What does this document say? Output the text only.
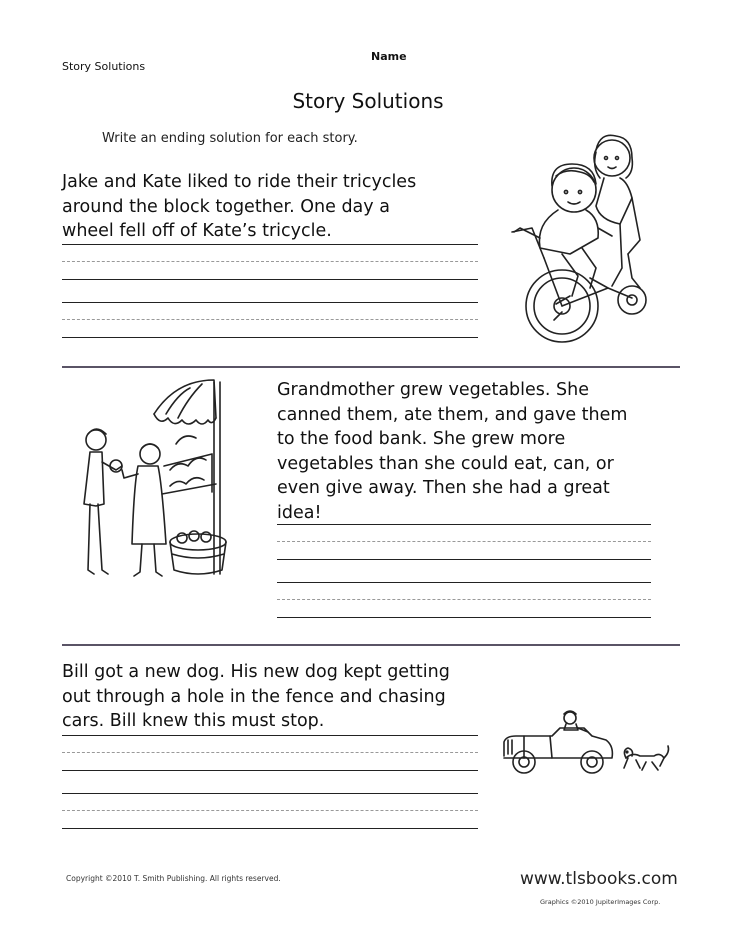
Story Solutions
Name
Story Solutions
Write an ending solution for each story.
Jake and Kate liked to ride their tricycles
around the block together. One day a
wheel fell off of Kate’s tricycle.
Grandmother grew vegetables. She
canned them, ate them, and gave them
to the food bank. She grew more
vegetables than she could eat, can, or
even give away. Then she had a great
idea!
Bill got a new dog. His new dog kept getting
out through a hole in the fence and chasing
cars. Bill knew this must stop.
Copyright ©2010 T. Smith Publishing. All rights reserved.	www.tlsbooks.com
Graphics ©2010 JupiterImages Corp.
